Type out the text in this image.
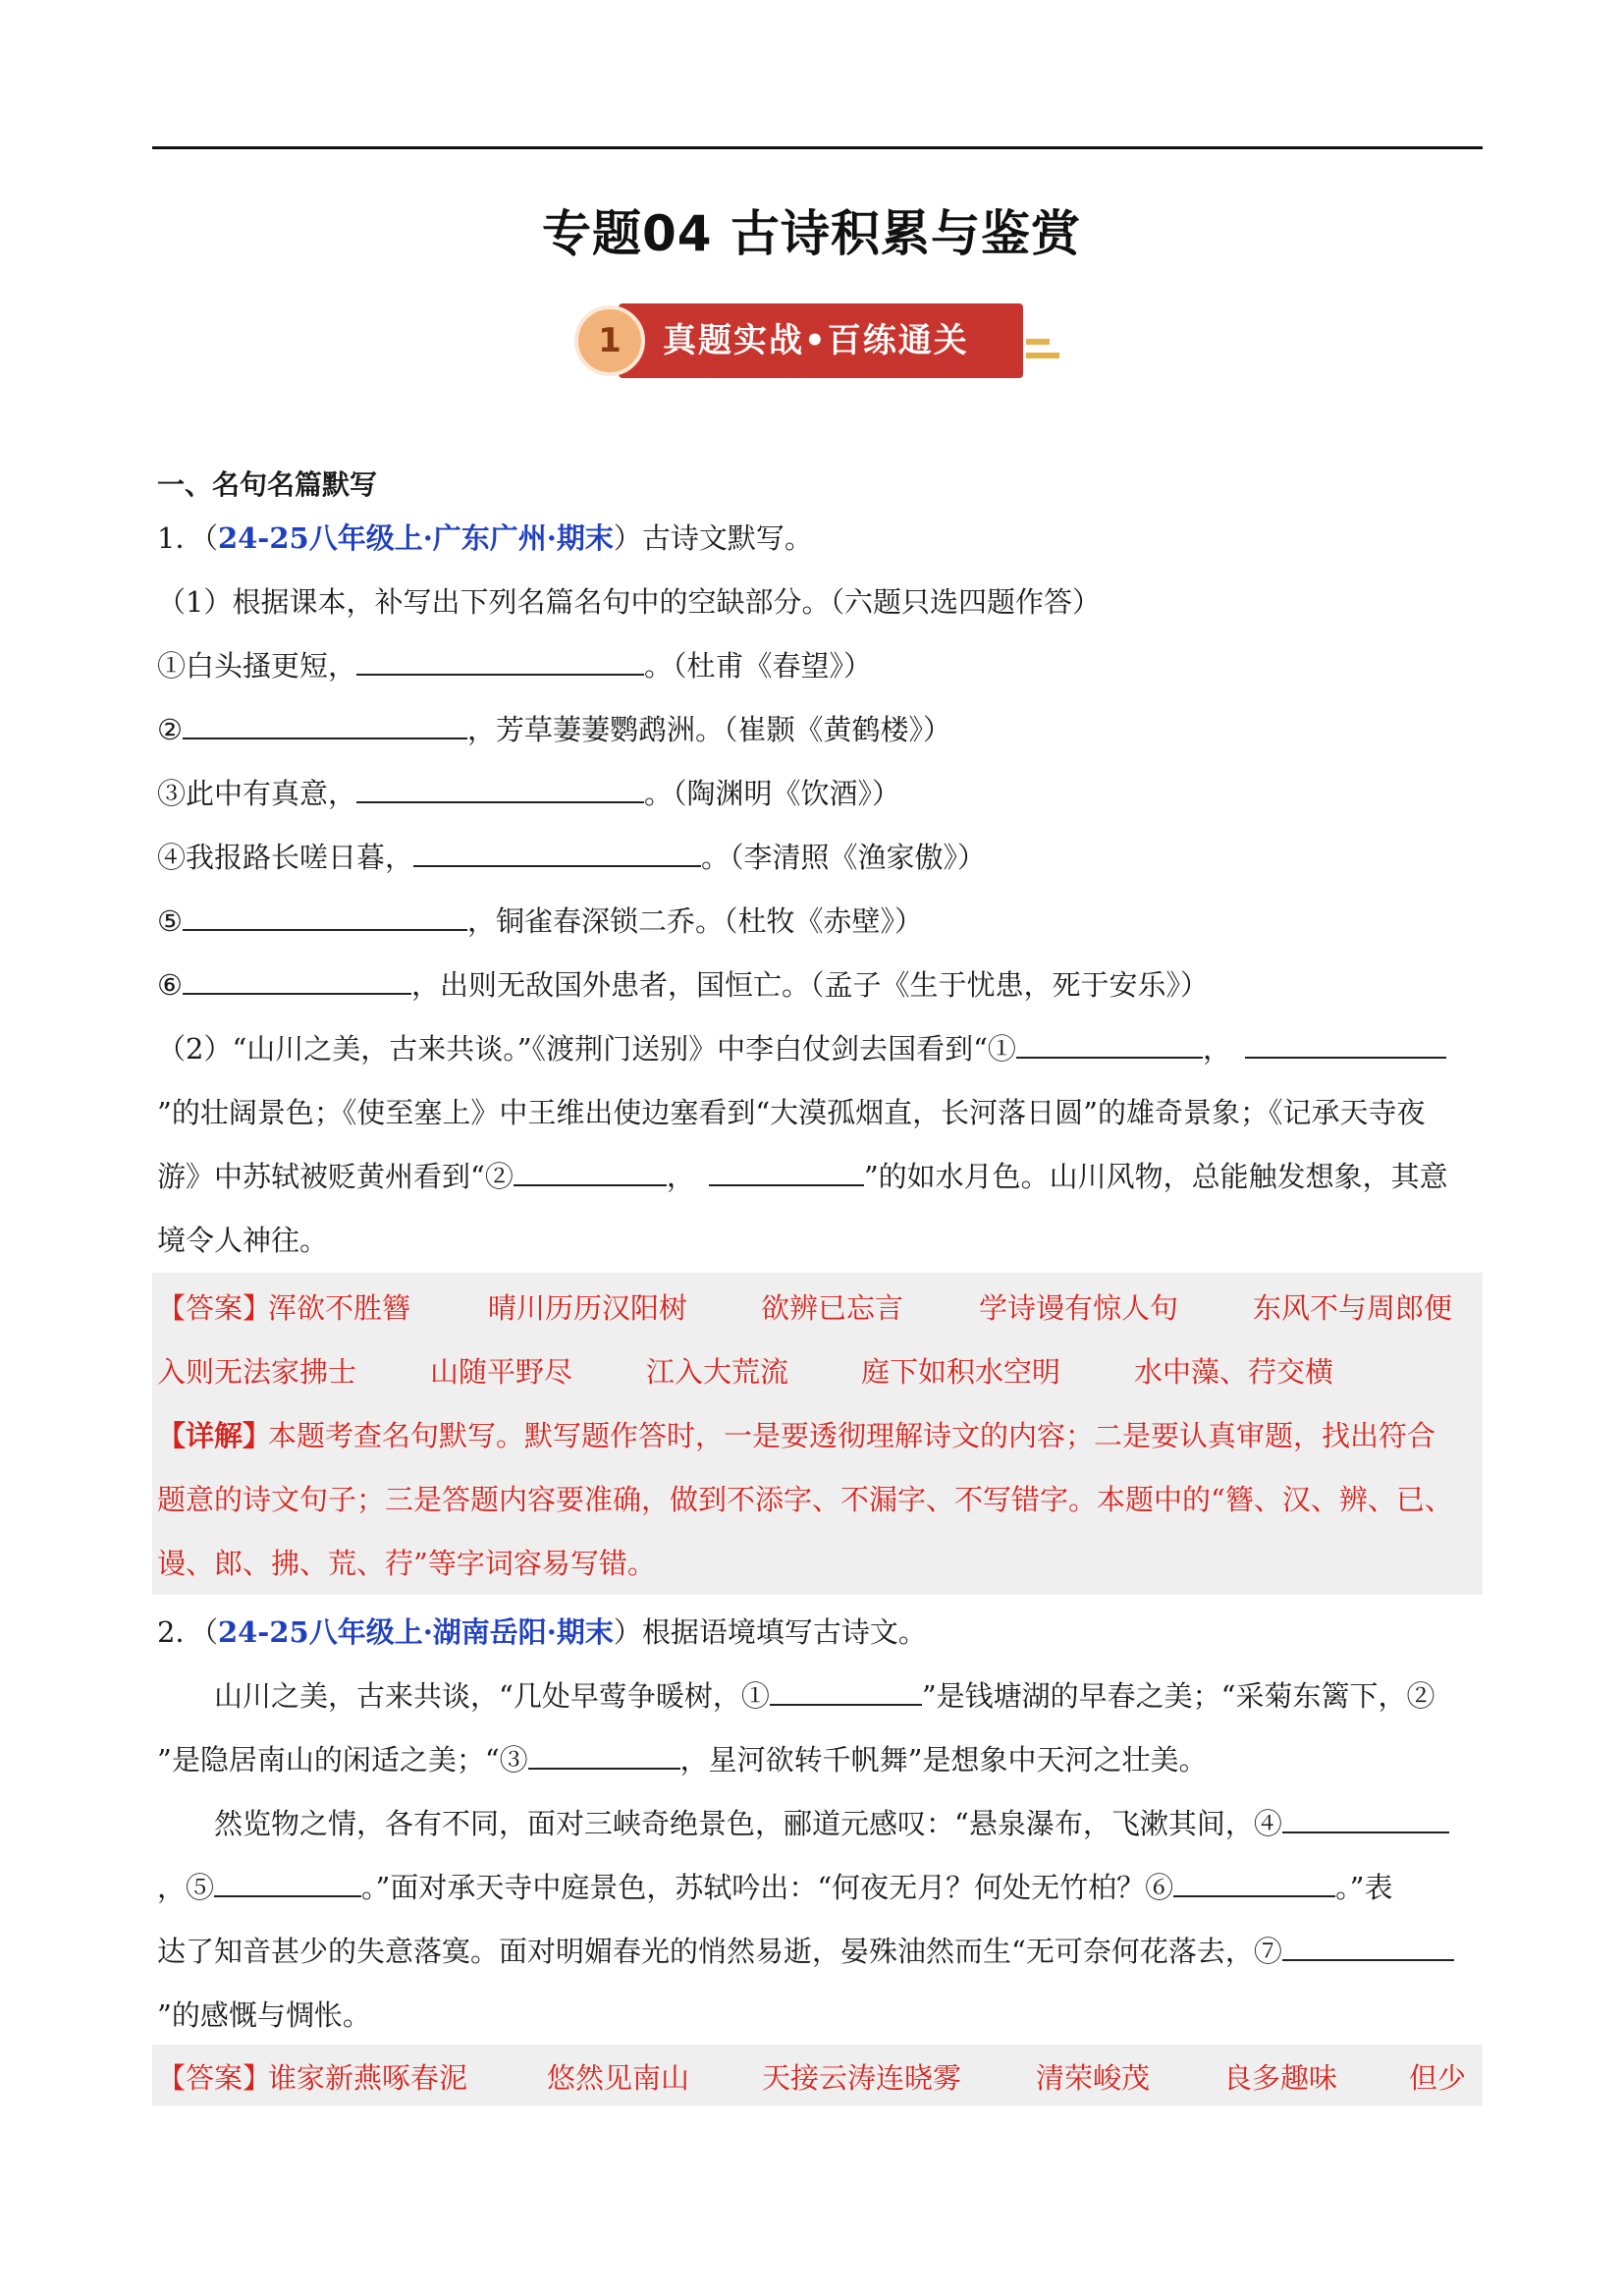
专题04 古诗积累与鉴赏
1	真题实战•百练通关
一、名句名篇默写
1．（24-25八年级上·广东广州·期末）古诗文默写。
（1）根据课本，补写出下列名篇名句中的空缺部分。（六题只选四题作答）
①白头搔更短，	。（杜甫《春望》）
②	，芳草萋萋鹦鹉洲。（崔颢《黄鹤楼》）
③此中有真意，	。（陶渊明《饮酒》）
④我报路长嗟日暮，	。（李清照《渔家傲》）
⑤	，铜雀春深锁二乔。（杜牧《赤壁》）
⑥	，出则无敌国外患者，国恒亡。（孟子《生于忧患，死于安乐》）
（2）“山川之美，古来共谈。”《渡荆门送别》中李白仗剑去国看到“①	，
”的壮阔景色；《使至塞上》中王维出使边塞看到“大漠孤烟直，长河落日圆”的雄奇景象；《记承天寺夜
游》中苏轼被贬黄州看到“②	，	”的如水月色。山川风物，总能触发想象，其意
境令人神往。
【答案】
浑欲不胜簪	晴川历历汉阳树	欲辨已忘言	学诗谩有惊人句	东风不与周郎便
入则无法家拂士	山随平野尽	江入大荒流	庭下如积水空明	水中藻、荇交横
【详解】
本题考查名句默写。默写题作答时，一是要透彻理解诗文的内容；二是要认真审题，找出符合
题意的诗文句子；三是答题内容要准确，做到不添字、不漏字、不写错字。本题中的“簪、汉、辨、已、
谩、郎、拂、荒、荇”等字词容易写错。
2．（24-25八年级上·湖南岳阳·期末）根据语境填写古诗文。
山川之美，古来共谈，“几处早莺争暖树，①	”是钱塘湖的早春之美；“采菊东篱下，②
”是隐居南山的闲适之美；“③	，星河欲转千帆舞”是想象中天河之壮美。
然览物之情，各有不同，面对三峡奇绝景色，郦道元感叹：“悬泉瀑布，飞漱其间，④
，⑤	。”面对承天寺中庭景色，苏轼吟出：“何夜无月？何处无竹柏？⑥	。”表
达了知音甚少的失意落寞。面对明媚春光的悄然易逝，晏殊油然而生“无可奈何花落去，⑦
”的感慨与惆怅。
【答案】
谁家新燕啄春泥	悠然见南山	天接云涛连晓雾	清荣峻茂	良多趣味	但少
